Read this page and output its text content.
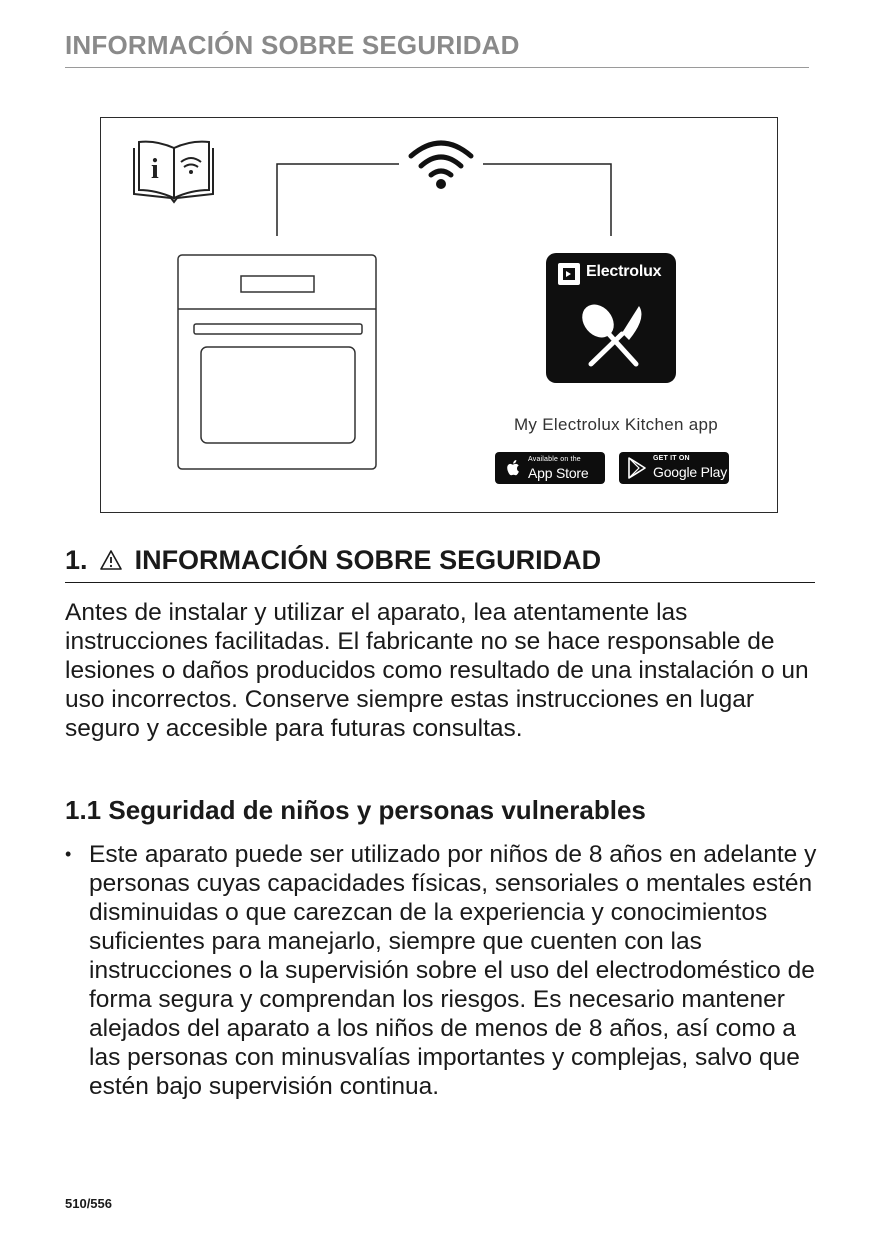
INFORMACIÓN SOBRE SEGURIDAD
i
Electrolux
My Electrolux Kitchen app
Available on the
App Store
GET IT ON
Google Play
1. INFORMACIÓN SOBRE SEGURIDAD

Antes de instalar y utilizar el aparato, lea atentamente las instrucciones facilitadas. El fabricante no se hace responsable de lesiones o daños producidos como resultado de una instalación o un uso incorrectos. Conserve siempre estas instrucciones en lugar seguro y accesible para futuras consultas.

1.1 Seguridad de niños y personas vulnerables
• Este aparato puede ser utilizado por niños de 8 años en adelante y personas cuyas capacidades físicas, sensoriales o mentales estén disminuidas o que carezcan de la experiencia y conocimientos suficientes para manejarlo, siempre que cuenten con las instrucciones o la supervisión sobre el uso del electrodoméstico de forma segura y comprendan los riesgos. Es necesario mantener alejados del aparato a los niños de menos de 8 años, así como a las personas con minusvalías importantes y complejas, salvo que estén bajo supervisión continua.
510/556
